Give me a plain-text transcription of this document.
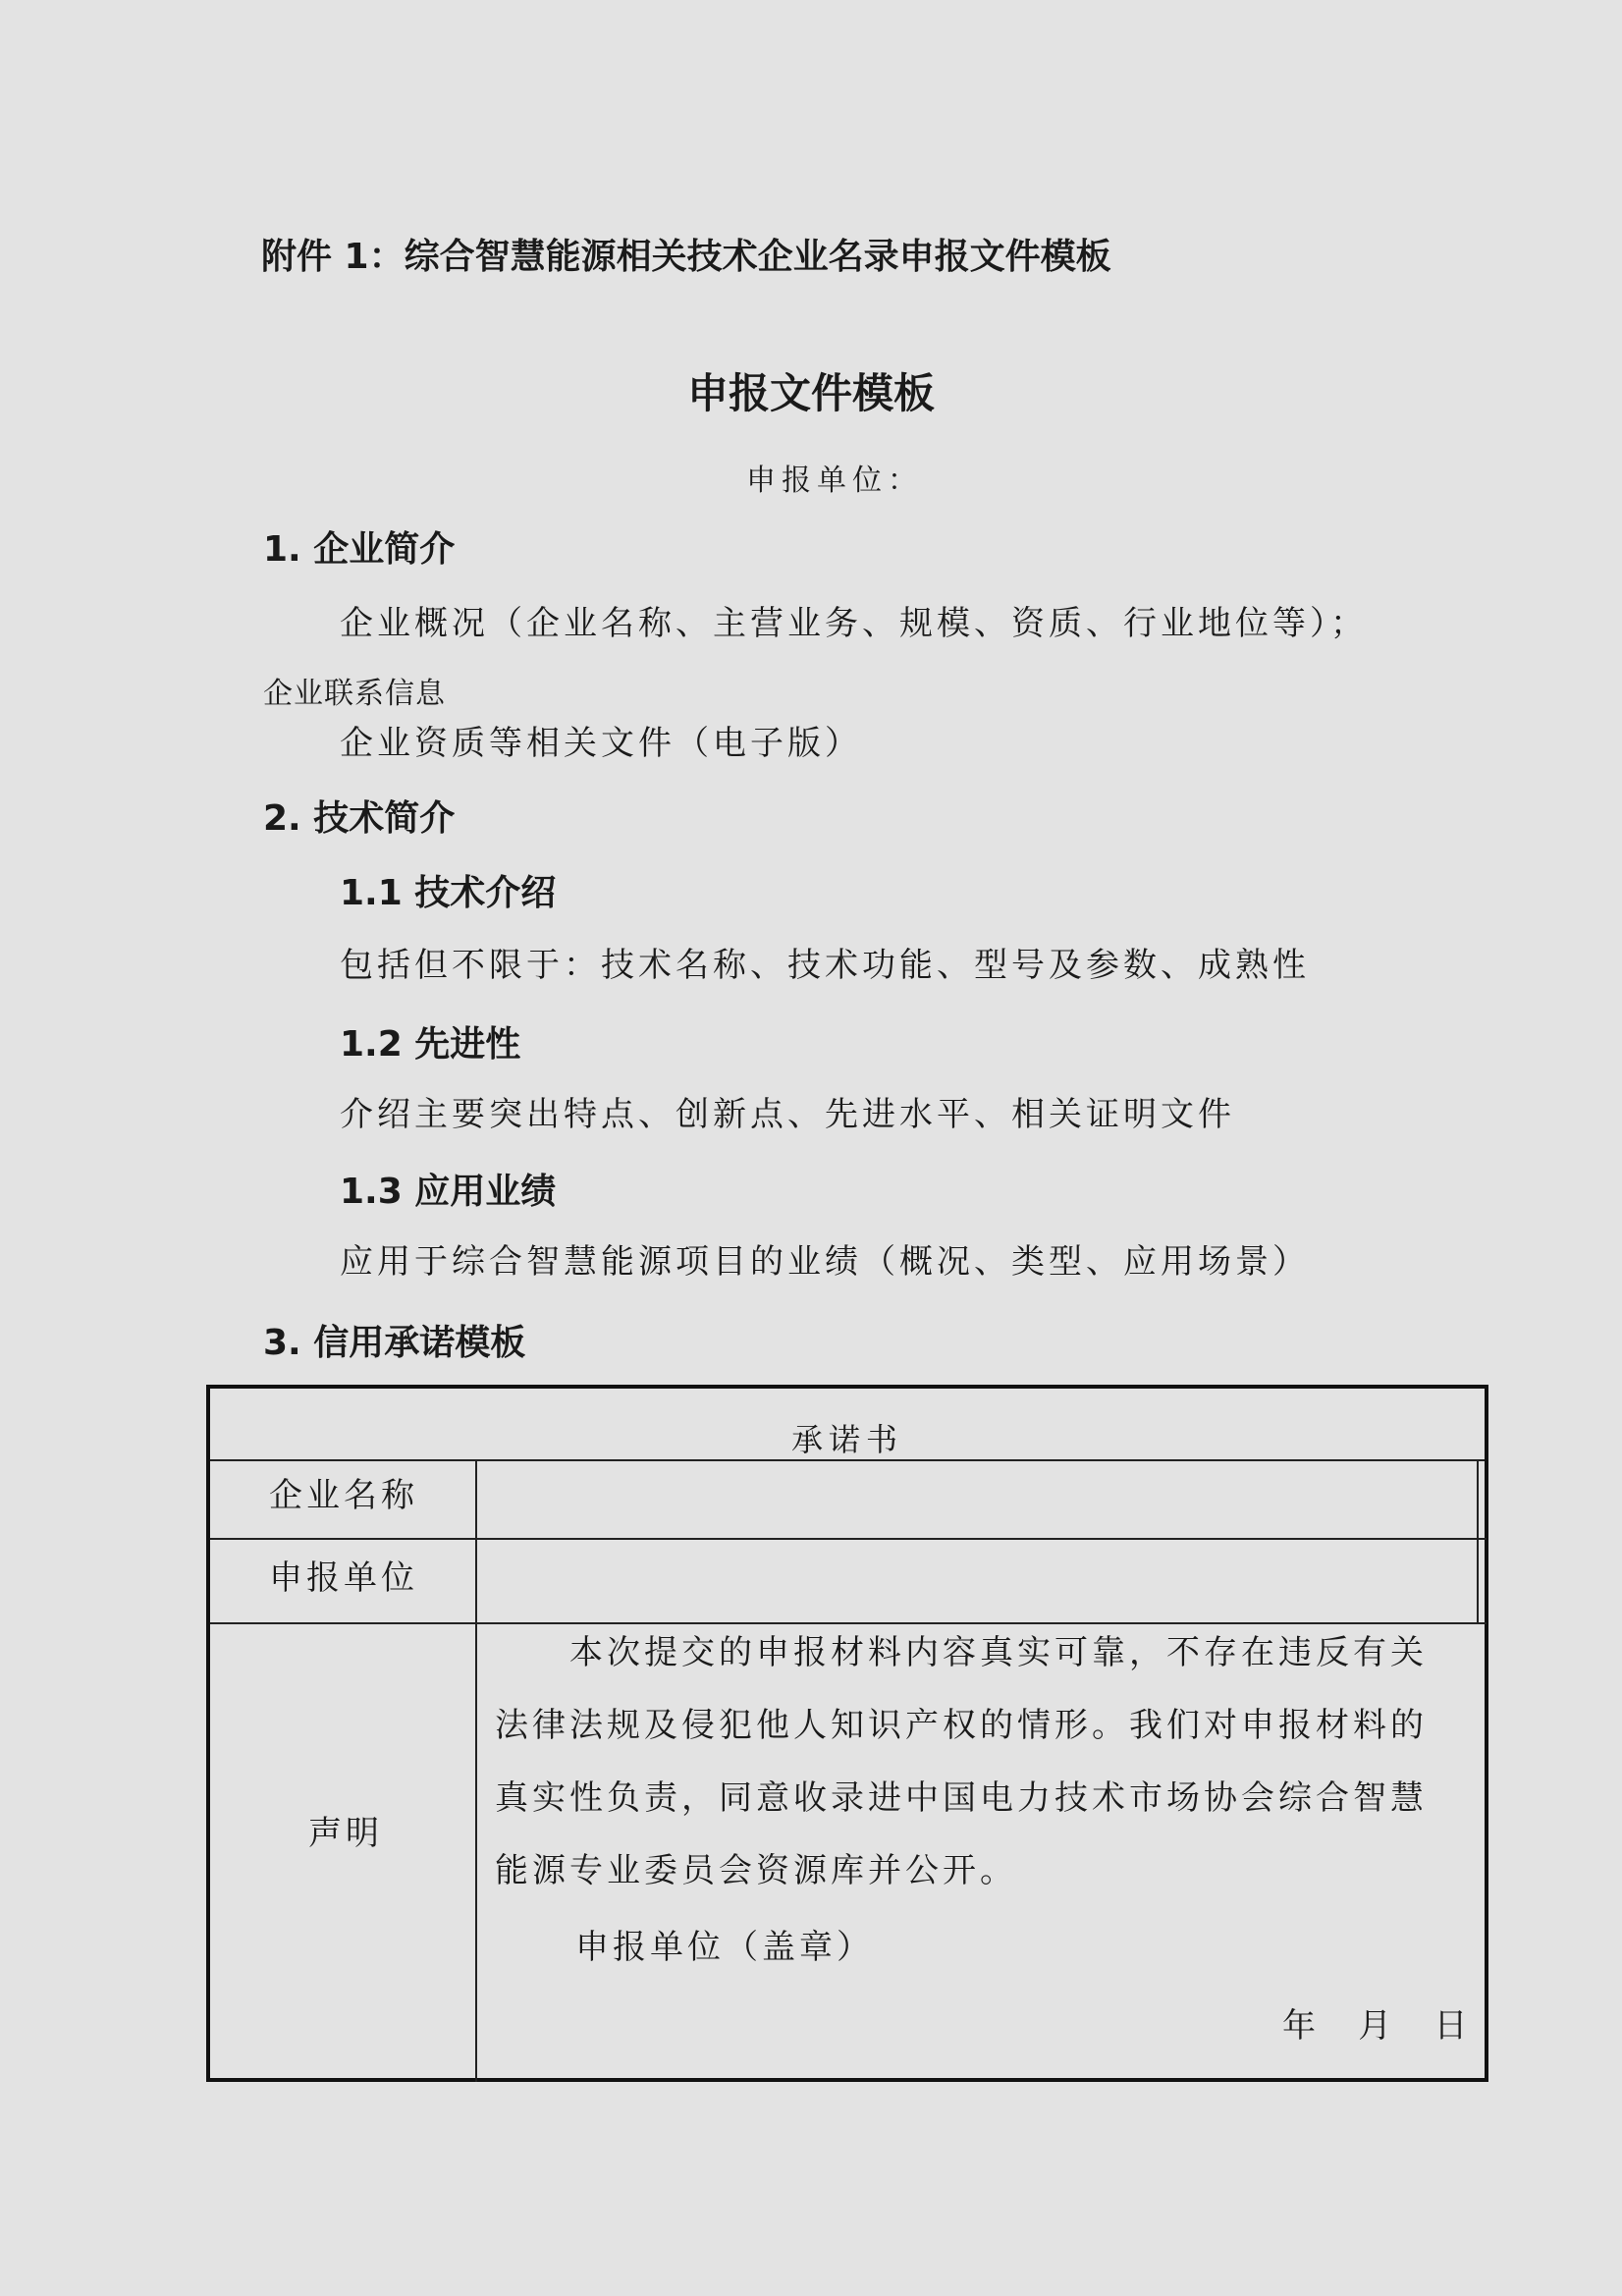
附件 1：综合智慧能源相关技术企业名录申报文件模板
申报文件模板
申报单位：
1. 企业简介
企业概况（企业名称、主营业务、规模、资质、行业地位等）；
企业联系信息
企业资质等相关文件（电子版）
2. 技术简介
1.1 技术介绍
包括但不限于：技术名称、技术功能、型号及参数、成熟性
1.2 先进性
介绍主要突出特点、创新点、先进水平、相关证明文件
1.3 应用业绩
应用于综合智慧能源项目的业绩（概况、类型、应用场景）
3. 信用承诺模板
承诺书
企业名称
申报单位
声明
本次提交的申报材料内容真实可靠，不存在违反有关
法律法规及侵犯他人知识产权的情形。我们对申报材料的
真实性负责，同意收录进中国电力技术市场协会综合智慧
能源专业委员会资源库并公开。
申报单位（盖章）
年    月    日
